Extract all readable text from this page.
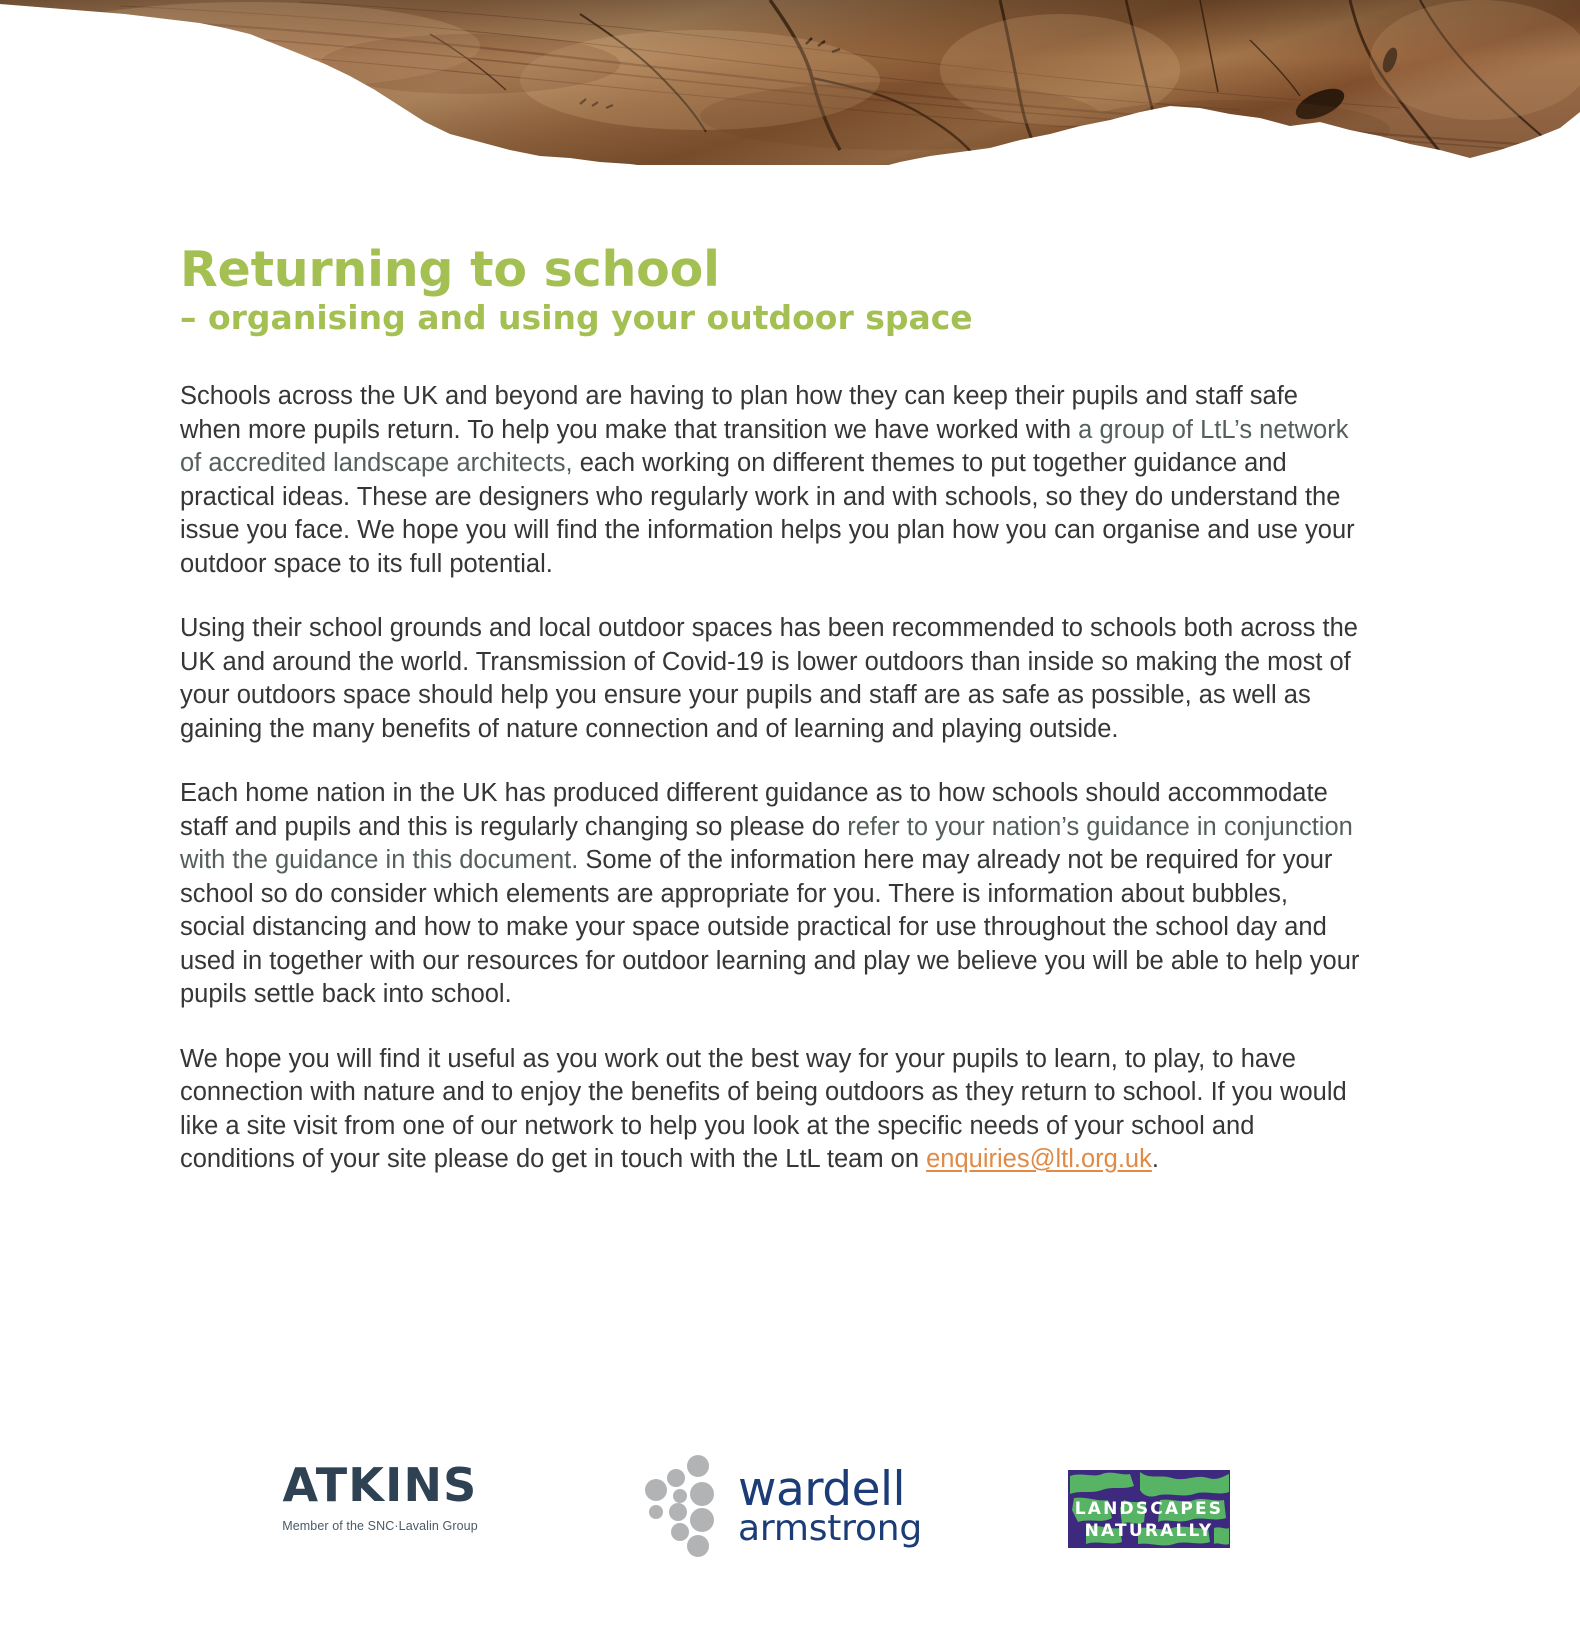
Returning to school
– organising and using your outdoor space

Schools across the UK and beyond are having to plan how they can keep their pupils and staff safe when more pupils return. To help you make that transition we have worked with a group of LtL’s network of accredited landscape architects, each working on different themes to put together guidance and practical ideas. These are designers who regularly work in and with schools, so they do understand the issue you face. We hope you will find the information helps you plan how you can organise and use your outdoor space to its full potential.

Using their school grounds and local outdoor spaces has been recommended to schools both across the UK and around the world. Transmission of Covid-19 is lower outdoors than inside so making the most of your outdoors space should help you ensure your pupils and staff are as safe as possible, as well as gaining the many benefits of nature connection and of learning and playing outside.

Each home nation in the UK has produced different guidance as to how schools should accommodate staff and pupils and this is regularly changing so please do refer to your nation’s guidance in conjunction with the guidance in this document. Some of the information here may already not be required for your school so do consider which elements are appropriate for you. There is information about bubbles, social distancing and how to make your space outside practical for use throughout the school day and used in together with our resources for outdoor learning and play we believe you will be able to help your pupils settle back into school.

We hope you will find it useful as you work out the best way for your pupils to learn, to play, to have connection with nature and to enjoy the benefits of being outdoors as they return to school. If you would like a site visit from one of our network to help you look at the specific needs of your school and conditions of your site please do get in touch with the LtL team on enquiries@ltl.org.uk.

ATKINS
Member of the SNC·Lavalin Group
wardell
armstrong	LANDSCAPES
NATURALLY
